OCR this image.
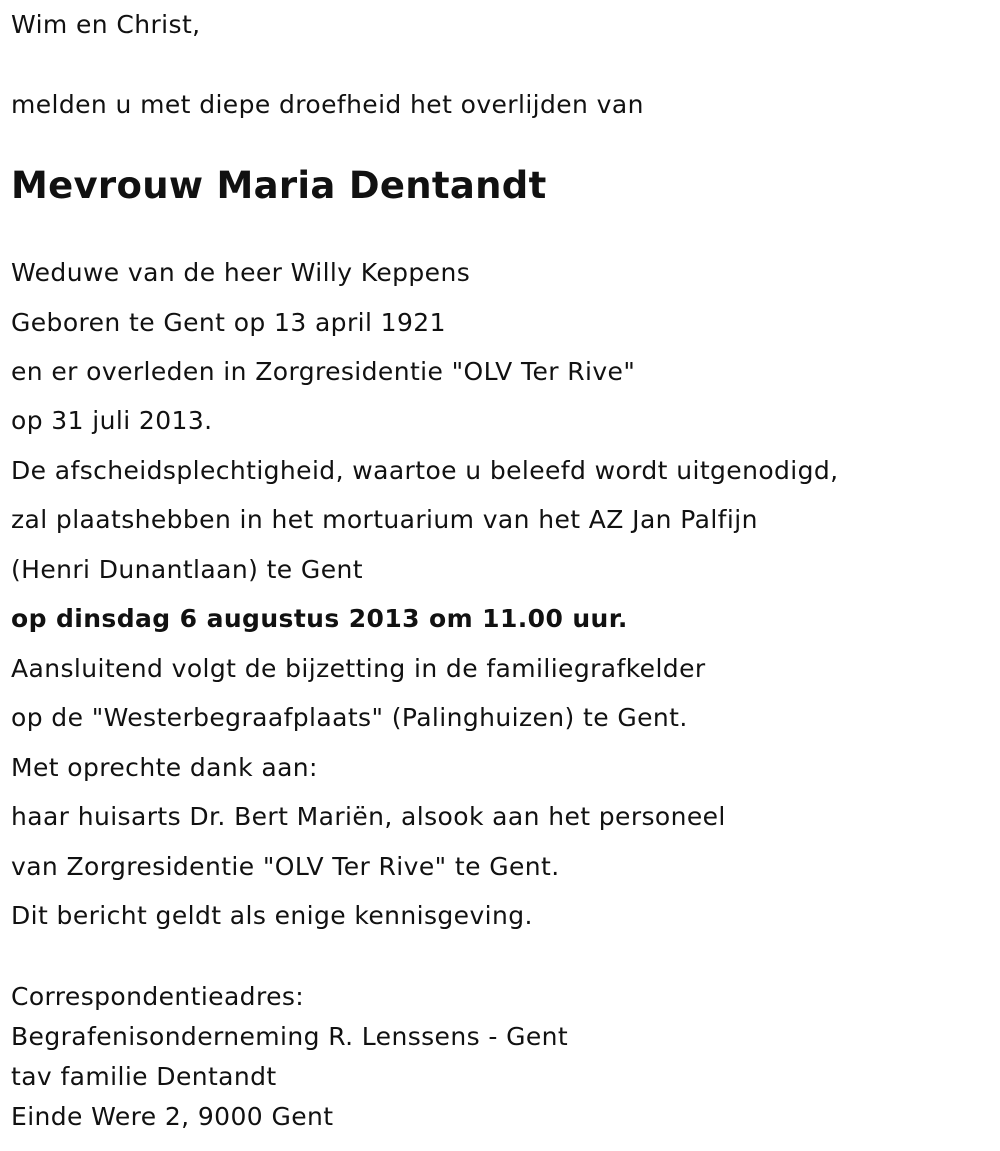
Wim en Christ,
melden u met diepe droefheid het overlijden van
Mevrouw Maria Dentandt
Weduwe van de heer Willy Keppens
Geboren te Gent op 13 april 1921
en er overleden in Zorgresidentie "OLV Ter Rive"
op 31 juli 2013.
De afscheidsplechtigheid, waartoe u beleefd wordt uitgenodigd,
zal plaatshebben in het mortuarium van het AZ Jan Palfijn
(Henri Dunantlaan) te Gent
op dinsdag 6 augustus 2013 om 11.00 uur.
Aansluitend volgt de bijzetting in de familiegrafkelder
op de "Westerbegraafplaats" (Palinghuizen) te Gent.
Met oprechte dank aan:
haar huisarts Dr. Bert Mariën, alsook aan het personeel
van Zorgresidentie "OLV Ter Rive" te Gent.
Dit bericht geldt als enige kennisgeving.
Correspondentieadres:
Begrafenisonderneming R. Lenssens - Gent
tav familie Dentandt
Einde Were 2, 9000 Gent
